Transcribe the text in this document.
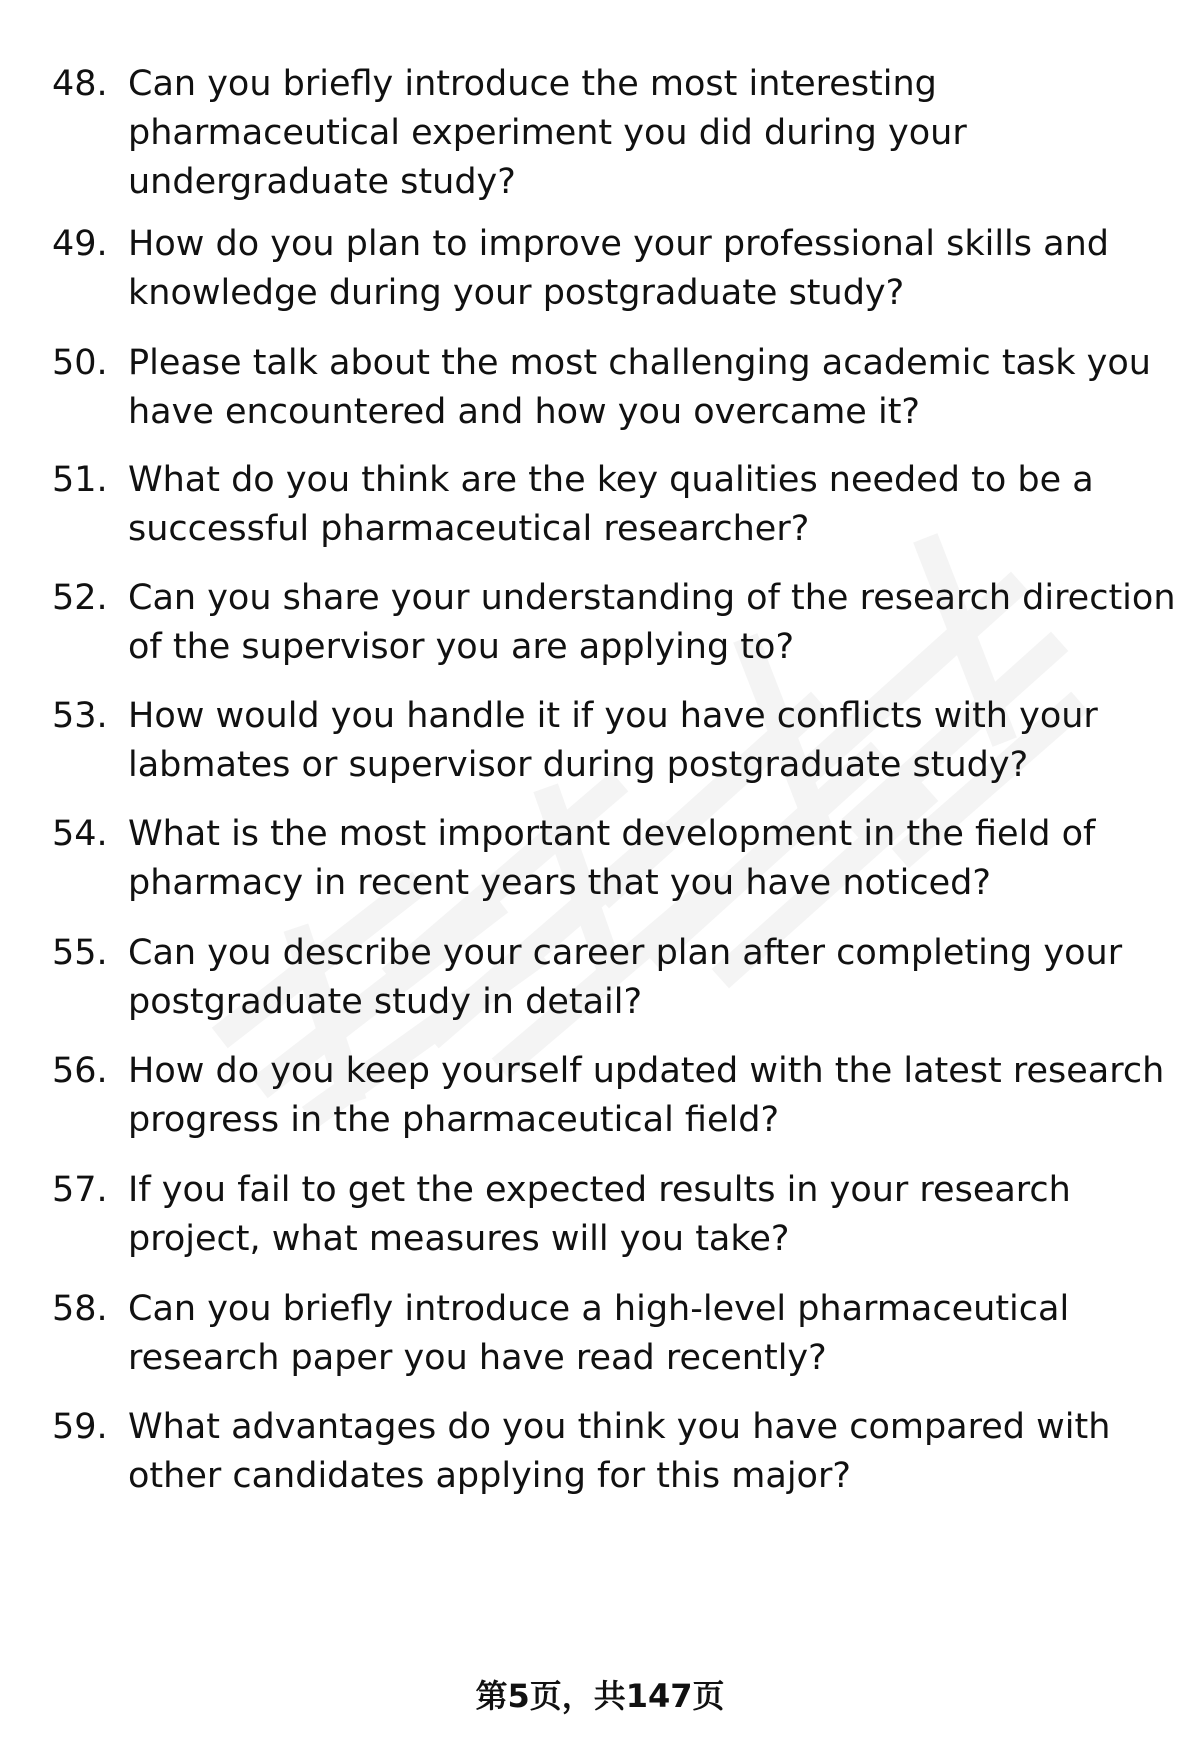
48. Can you briefly introduce the most interesting
pharmaceutical experiment you did during your
undergraduate study?
49. How do you plan to improve your professional skills and
knowledge during your postgraduate study?
50. Please talk about the most challenging academic task you
have encountered and how you overcame it?
51. What do you think are the key qualities needed to be a
successful pharmaceutical researcher?
52. Can you share your understanding of the research direction
of the supervisor you are applying to?
53. How would you handle it if you have conflicts with your
labmates or supervisor during postgraduate study?
54. What is the most important development in the field of
pharmacy in recent years that you have noticed?
55. Can you describe your career plan after completing your
postgraduate study in detail?
56. How do you keep yourself updated with the latest research
progress in the pharmaceutical field?
57. If you fail to get the expected results in your research
project, what measures will you take?
58. Can you briefly introduce a high-level pharmaceutical
research paper you have read recently?
59. What advantages do you think you have compared with
other candidates applying for this major?
第5页，共147页
